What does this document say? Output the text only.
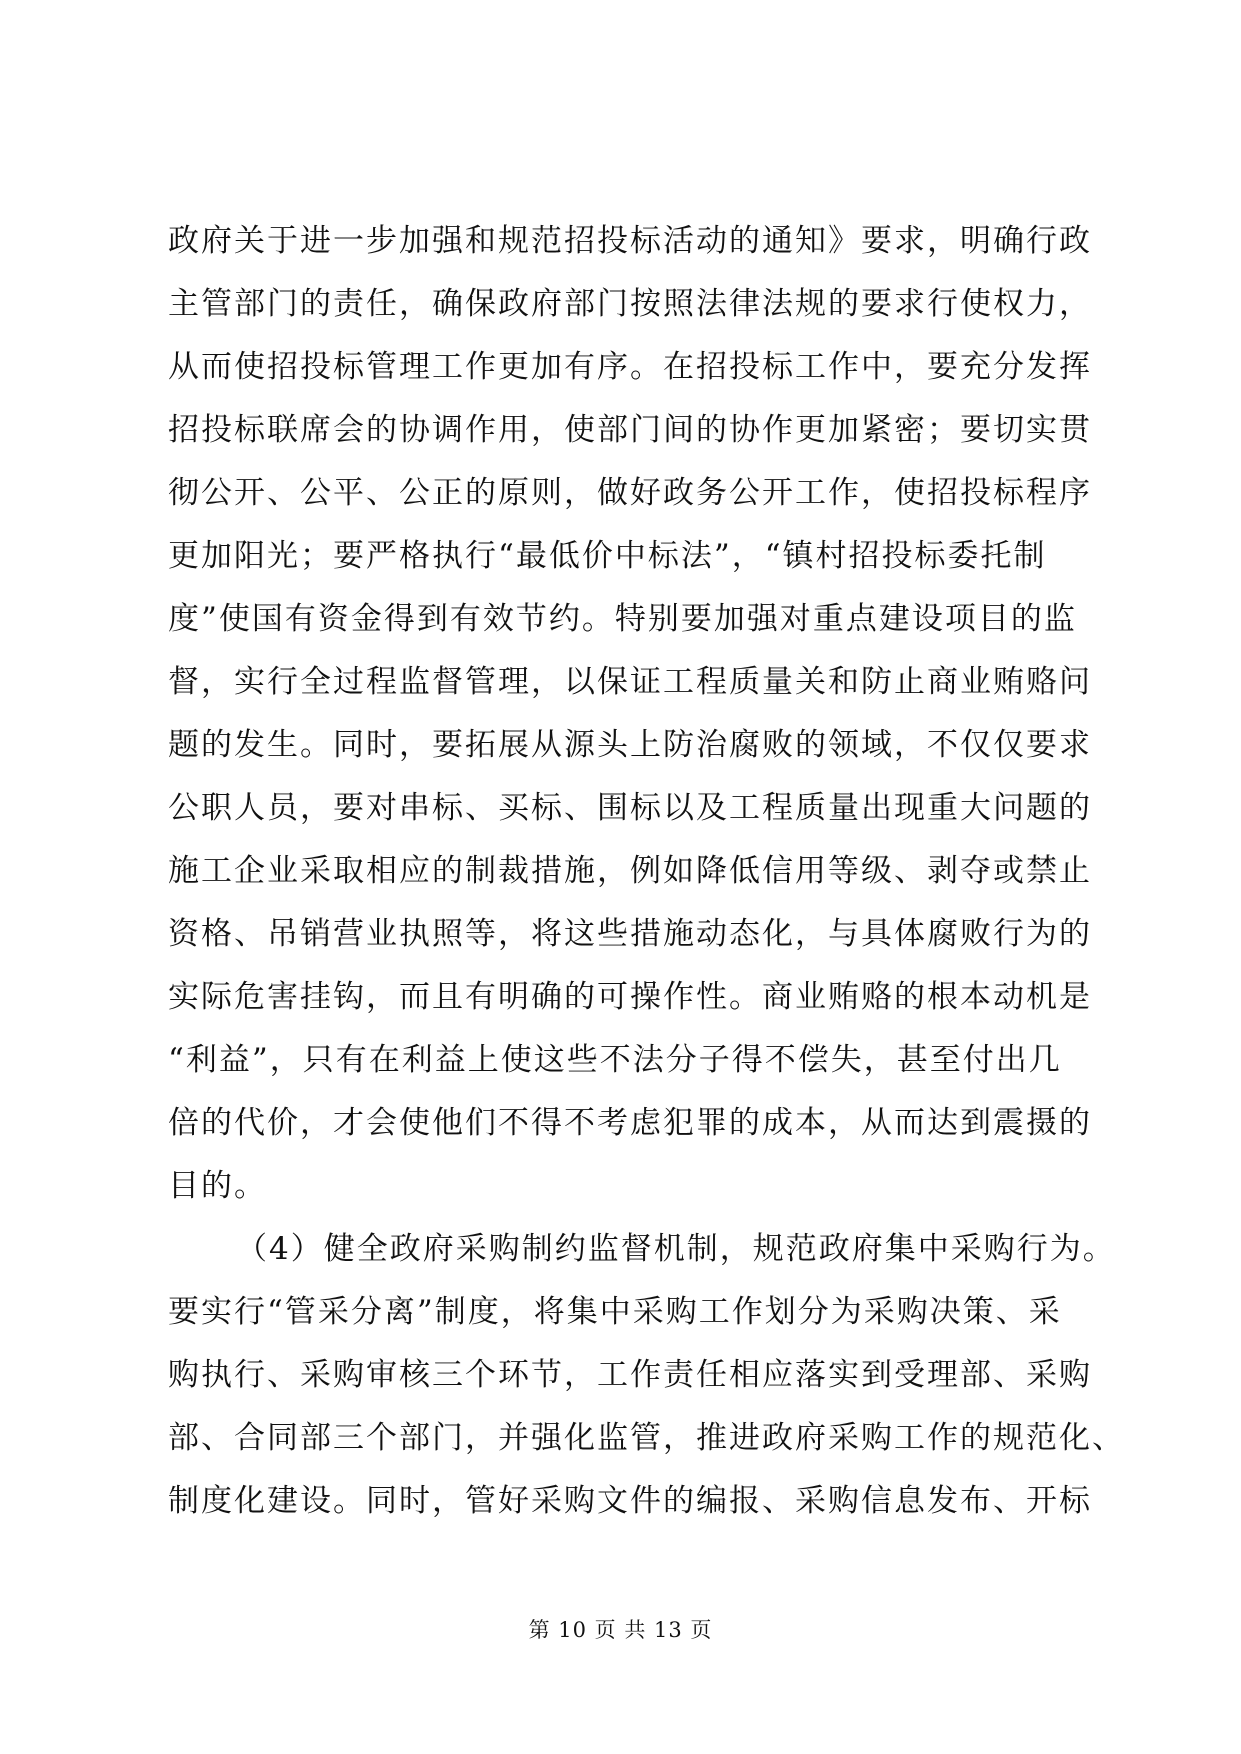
政府关于进一步加强和规范招投标活动的通知》要求，明确行政
主管部门的责任，确保政府部门按照法律法规的要求行使权力，
从而使招投标管理工作更加有序。在招投标工作中，要充分发挥
招投标联席会的协调作用，使部门间的协作更加紧密；要切实贯
彻公开、公平、公正的原则，做好政务公开工作，使招投标程序
更加阳光；要严格执行“最低价中标法”，“镇村招投标委托制
度”使国有资金得到有效节约。特别要加强对重点建设项目的监
督，实行全过程监督管理，以保证工程质量关和防止商业贿赂问
题的发生。同时，要拓展从源头上防治腐败的领域，不仅仅要求
公职人员，要对串标、买标、围标以及工程质量出现重大问题的
施工企业采取相应的制裁措施，例如降低信用等级、剥夺或禁止
资格、吊销营业执照等，将这些措施动态化，与具体腐败行为的
实际危害挂钩，而且有明确的可操作性。商业贿赂的根本动机是
“利益”，只有在利益上使这些不法分子得不偿失，甚至付出几
倍的代价，才会使他们不得不考虑犯罪的成本，从而达到震摄的
目的。
（4）健全政府采购制约监督机制，规范政府集中采购行为。
要实行“管采分离”制度，将集中采购工作划分为采购决策、采
购执行、采购审核三个环节，工作责任相应落实到受理部、采购
部、合同部三个部门，并强化监管，推进政府采购工作的规范化、
制度化建设。同时，管好采购文件的编报、采购信息发布、开标
第 10 页 共 13 页
